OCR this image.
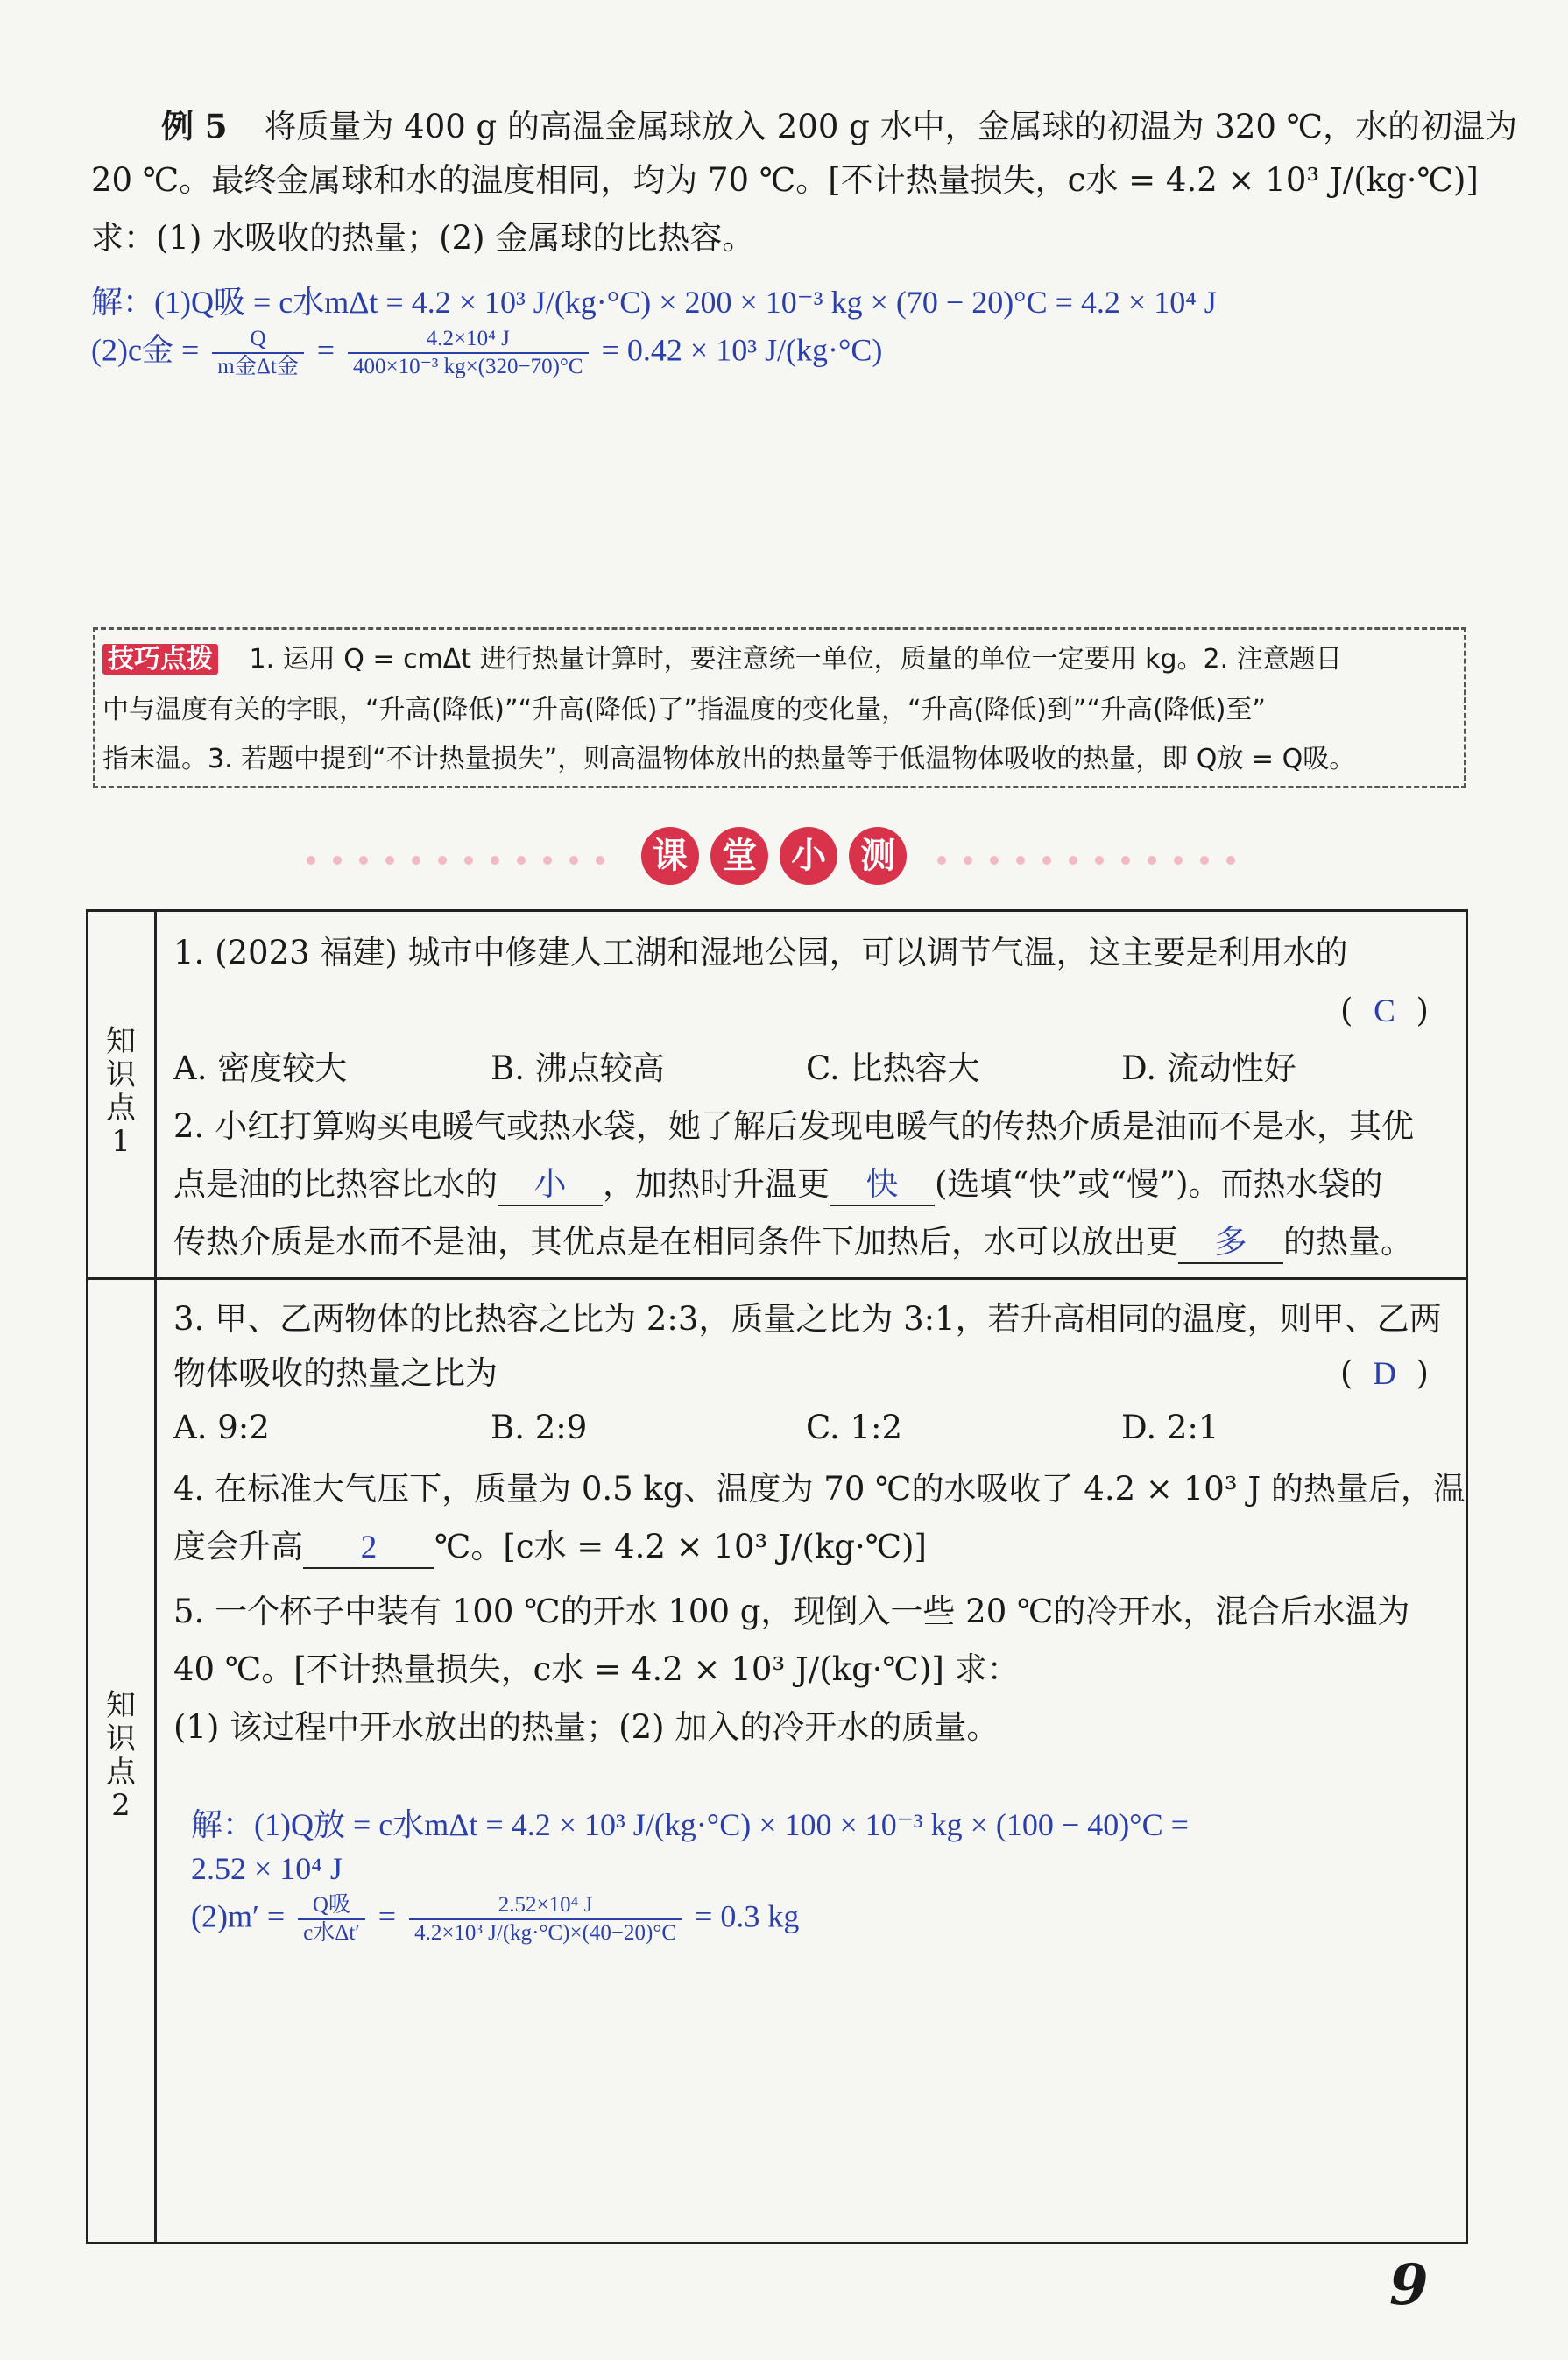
例 5 将质量为 400 g 的高温金属球放入 200 g 水中，金属球的初温为 320 ℃，水的初温为
20 ℃。最终金属球和水的温度相同，均为 70 ℃。[不计热量损失，c水 = 4.2 × 10³ J/(kg·℃)]
求：(1) 水吸收的热量；(2) 金属球的比热容。
解：(1)Q吸 = c水mΔt = 4.2 × 10³ J/(kg·°C) × 200 × 10⁻³ kg × (70 − 20)°C = 4.2 × 10⁴ J
(2)c金 = $\frac{Q}{\text{m金Δt金}} = \frac{\text{4.2×10⁴ J}}{\text{400×10⁻³ kg×(320−70)°C}} = 0.42 \times 10^3$ J/(kg·°C)
技巧点拨 1. 运用 Q = cmΔt 进行热量计算时，要注意统一单位，质量的单位一定要用 kg。2. 注意题目
中与温度有关的字眼，“升高(降低)”“升高(降低)了”指温度的变化量，“升高(降低)到”“升高(降低)至”
指末温。3. 若题中提到“不计热量损失”，则高温物体放出的热量等于低温物体吸收的热量，即 Q放 = Q吸。
课 堂 小 测
知识点1
知识点2
1. (2023 福建) 城市中修建人工湖和湿地公园，可以调节气温，这主要是利用水的
( C )
A. 密度较大	B. 沸点较高	C. 比热容大	D. 流动性好
2. 小红打算购买电暖气或热水袋，她了解后发现电暖气的传热介质是油而不是水，其优
点是油的比热容比水的 小 ，加热时升温更 快 (选填“快”或“慢”)。而热水袋的
传热介质是水而不是油，其优点是在相同条件下加热后，水可以放出更 多 的热量。
3. 甲、乙两物体的比热容之比为 2:3，质量之比为 3:1，若升高相同的温度，则甲、乙两
物体吸收的热量之比为	( D )
A. 9:2	B. 2:9	C. 1:2	D. 2:1
4. 在标准大气压下，质量为 0.5 kg、温度为 70 ℃的水吸收了 4.2 × 10³ J 的热量后，温
度会升高 2 ℃。[c水 = 4.2 × 10³ J/(kg·℃)]
5. 一个杯子中装有 100 ℃的开水 100 g，现倒入一些 20 ℃的冷开水，混合后水温为
40 ℃。[不计热量损失，c水 = 4.2 × 10³ J/(kg·℃)] 求：
(1) 该过程中开水放出的热量；(2) 加入的冷开水的质量。
解：(1)Q放 = c水mΔt = 4.2 × 10³ J/(kg·°C) × 100 × 10⁻³ kg × (100 − 40)°C =
2.52 × 10⁴ J
$(2)m' = \frac{\text{Q吸}}{\text{c水Δt′}} = \frac{\text{2.52×10⁴ J}}{\text{4.2×10³ J/(kg·°C)×(40−20)°C}} = 0.3$ kg
9
